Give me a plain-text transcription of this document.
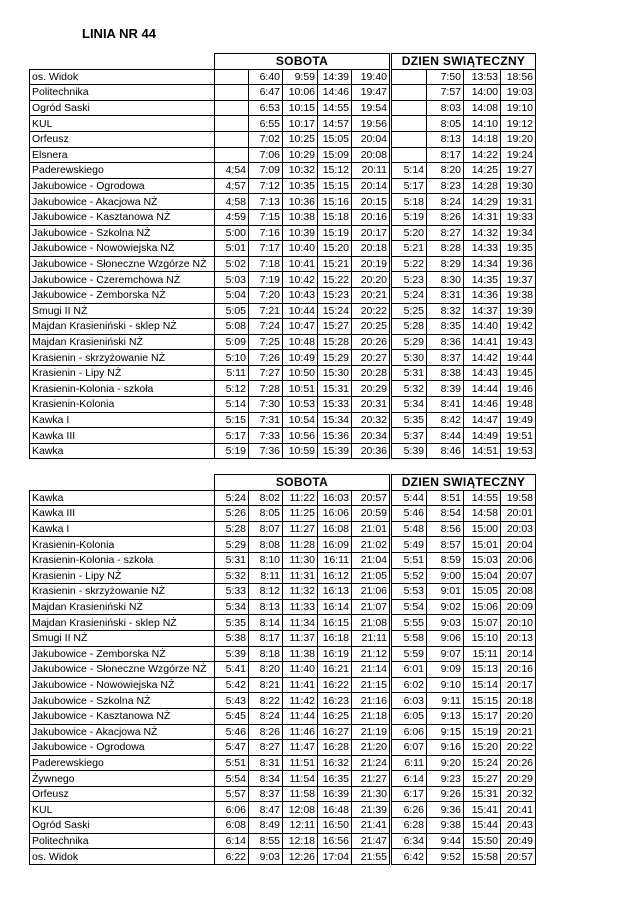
LINIA NR 44
	SOBOTA						DZIEN SWIĄTECZNY			
os. Widok		6:40	9:59	14:39	19:40			7:50	13:53	18:56
Politechnika		6:47	10:06	14:46	19:47			7:57	14:00	19:03
Ogród Saski		6:53	10:15	14:55	19:54			8:03	14:08	19:10
KUL		6:55	10:17	14:57	19:56			8:05	14:10	19:12
Orfeusz		7:02	10:25	15:05	20:04			8:13	14:18	19:20
Elsnera		7:06	10:29	15:09	20:08			8:17	14:22	19:24
Paderewskiego	4:54	7:09	10:32	15:12	20:11		5:14	8:20	14:25	19:27
Jakubowice - Ogrodowa	4:57	7:12	10:35	15:15	20:14		5:17	8:23	14:28	19:30
Jakubowice - Akacjowa NŻ	4:58	7:13	10:36	15:16	20:15		5:18	8:24	14:29	19:31
Jakubowice - Kasztanowa NŻ	4:59	7:15	10:38	15:18	20:16		5:19	8:26	14:31	19:33
Jakubowice - Szkolna NŻ	5:00	7:16	10:39	15:19	20:17		5:20	8:27	14:32	19:34
Jakubowice - Nowowiejska NŻ	5:01	7:17	10:40	15:20	20:18		5:21	8:28	14:33	19:35
Jakubowice - Słoneczne Wzgórze NŻ	5:02	7:18	10:41	15:21	20:19		5:22	8:29	14:34	19:36
Jakubowice - Czeremchowa NŻ	5:03	7:19	10:42	15:22	20:20		5:23	8:30	14:35	19:37
Jakubowice - Zemborska NŻ	5:04	7:20	10:43	15:23	20:21		5:24	8:31	14:36	19:38
Smugi II NŻ	5:05	7:21	10:44	15:24	20:22		5:25	8:32	14:37	19:39
Majdan Krasieniński - sklep NŻ	5:08	7:24	10:47	15:27	20:25		5:28	8:35	14:40	19:42
Majdan Krasieniński NŻ	5:09	7:25	10:48	15:28	20:26		5:29	8:36	14:41	19:43
Krasienin - skrzyżowanie NŻ	5:10	7:26	10:49	15:29	20:27		5:30	8:37	14:42	19:44
Krasienin - Lipy NŻ	5:11	7:27	10:50	15:30	20:28		5:31	8:38	14:43	19:45
Krasienin-Kolonia - szkoła	5:12	7:28	10:51	15:31	20:29		5:32	8:39	14:44	19:46
Krasienin-Kolonia	5:14	7:30	10:53	15:33	20:31		5:34	8:41	14:46	19:48
Kawka I	5:15	7:31	10:54	15:34	20:32		5:35	8:42	14:47	19:49
Kawka III	5:17	7:33	10:56	15:36	20:34		5:37	8:44	14:49	19:51
Kawka	5:19	7:36	10:59	15:39	20:36		5:39	8:46	14:51	19:53
	SOBOTA						DZIEN SWIĄTECZNY			
Kawka	5:24	8:02	11:22	16:03	20:57		5:44	8:51	14:55	19:58
Kawka III	5:26	8:05	11:25	16:06	20:59		5:46	8:54	14:58	20:01
Kawka I	5:28	8:07	11:27	16:08	21:01		5:48	8:56	15:00	20:03
Krasienin-Kolonia	5:29	8:08	11:28	16:09	21:02		5:49	8:57	15:01	20:04
Krasienin-Kolonia - szkoła	5:31	8:10	11:30	16:11	21:04		5:51	8:59	15:03	20:06
Krasienin - Lipy NŻ	5:32	8:11	11:31	16:12	21:05		5:52	9:00	15:04	20:07
Krasienin - skrzyżowanie NŻ	5:33	8:12	11:32	16:13	21:06		5:53	9:01	15:05	20:08
Majdan Krasieniński NŻ	5:34	8:13	11:33	16:14	21:07		5:54	9:02	15:06	20:09
Majdan Krasieniński - sklep NŻ	5:35	8:14	11:34	16:15	21:08		5:55	9:03	15:07	20:10
Smugi II NŻ	5:38	8:17	11:37	16:18	21:11		5:58	9:06	15:10	20:13
Jakubowice - Zemborska NŻ	5:39	8:18	11:38	16:19	21:12		5:59	9:07	15:11	20:14
Jakubowice - Słoneczne Wzgórze NŻ	5:41	8:20	11:40	16:21	21:14		6:01	9:09	15:13	20:16
Jakubowice - Nowowiejska NŻ	5:42	8:21	11:41	16:22	21:15		6:02	9:10	15:14	20:17
Jakubowice - Szkolna NŻ	5:43	8:22	11:42	16:23	21:16		6:03	9:11	15:15	20:18
Jakubowice - Kasztanowa NŻ	5:45	8:24	11:44	16:25	21:18		6:05	9:13	15:17	20:20
Jakubowice - Akacjowa NŻ	5:46	8:26	11:46	16:27	21:19		6:06	9:15	15:19	20:21
Jakubowice - Ogrodowa	5:47	8:27	11:47	16:28	21:20		6:07	9:16	15:20	20:22
Paderewskiego	5:51	8:31	11:51	16:32	21:24		6:11	9:20	15:24	20:26
Żywnego	5:54	8:34	11:54	16:35	21:27		6:14	9:23	15:27	20:29
Orfeusz	5:57	8:37	11:58	16:39	21:30		6:17	9:26	15:31	20:32
KUL	6:06	8:47	12:08	16:48	21:39		6:26	9:36	15:41	20:41
Ogród Saski	6:08	8:49	12:11	16:50	21:41		6:28	9:38	15:44	20:43
Politechnika	6:14	8:55	12:18	16:56	21:47		6:34	9:44	15:50	20:49
os. Widok	6:22	9:03	12:26	17:04	21:55		6:42	9:52	15:58	20:57
